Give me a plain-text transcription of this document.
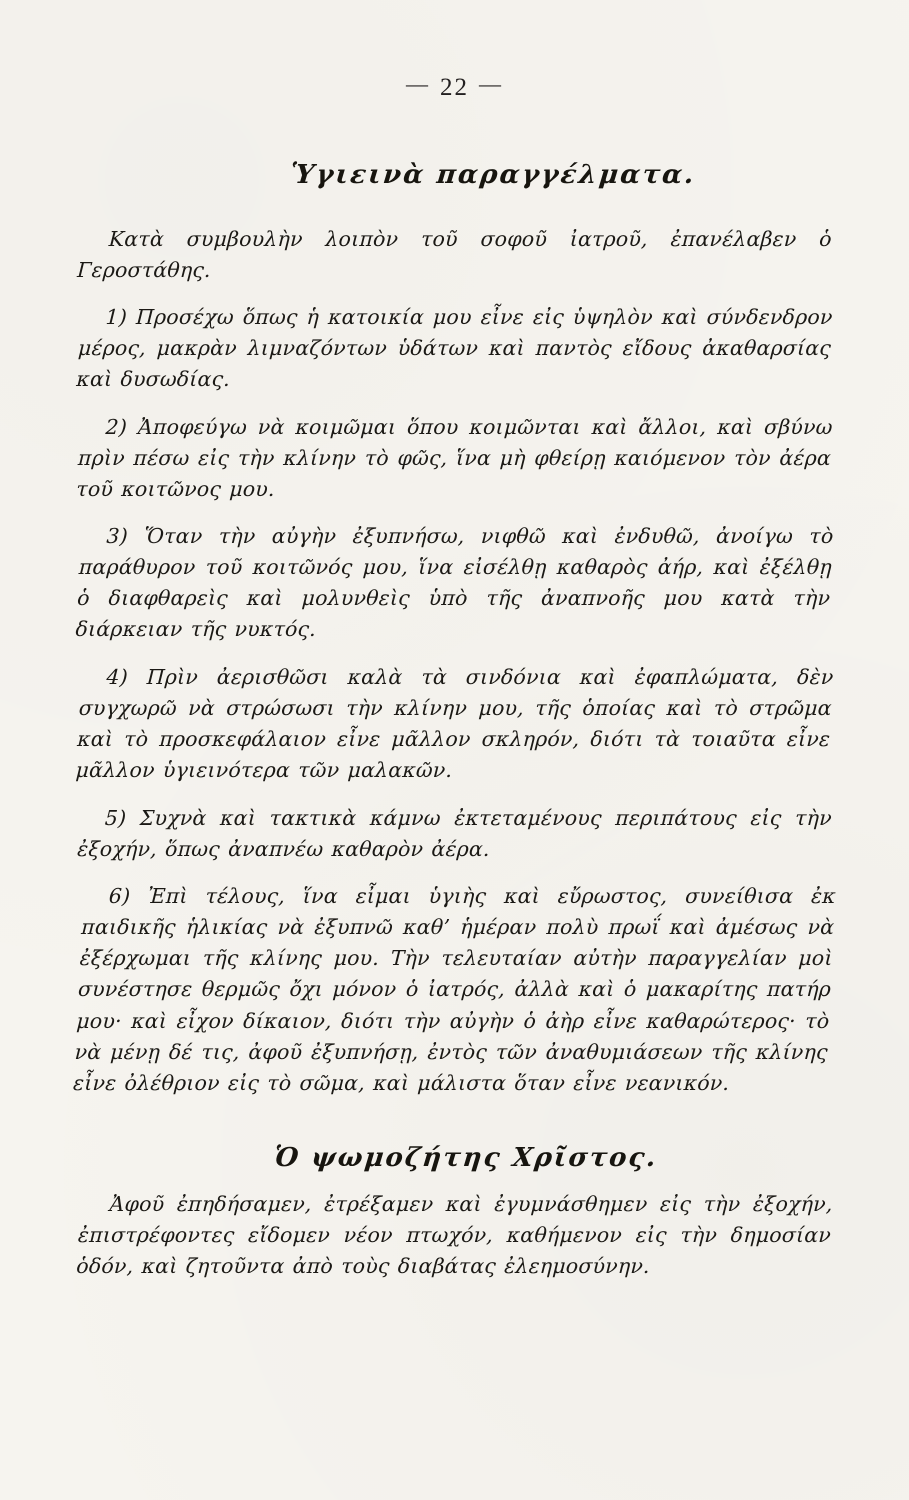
— 22 —
Ὑγιεινὰ παραγγέλματα.

Κατὰ συμβουλὴν λοιπὸν τοῦ σοφοῦ ἰατροῦ, ἐπανέλαβεν ὁ Γεροστάθης.

1) Προσέχω ὅπως ἡ κατοικία μου εἶνε εἰς ὑψηλὸν καὶ σύνδενδρον μέρος, μακρὰν λιμναζόντων ὑδάτων καὶ παντὸς εἴδους ἀκαθαρσίας καὶ δυσωδίας.

2) Ἀποφεύγω νὰ κοιμῶμαι ὅπου κοιμῶνται καὶ ἄλλοι, καὶ σβύνω πρὶν πέσω εἰς τὴν κλίνην τὸ φῶς, ἵνα μὴ φθείρῃ καιόμενον τὸν ἀέρα τοῦ κοιτῶνος μου.

3) Ὅταν τὴν αὐγὴν ἐξυπνήσω, νιφθῶ καὶ ἐνδυθῶ, ἀνοίγω τὸ παράθυρον τοῦ κοιτῶνός μου, ἵνα εἰσέλθῃ καθαρὸς ἀήρ, καὶ ἐξέλθῃ ὁ διαφθαρεὶς καὶ μολυνθεὶς ὑπὸ τῆς ἀναπνοῆς μου κατὰ τὴν διάρκειαν τῆς νυκτός.

4) Πρὶν ἀερισθῶσι καλὰ τὰ σινδόνια καὶ ἐφαπλώματα, δὲν συγχωρῶ νὰ στρώσωσι τὴν κλίνην μου, τῆς ὁποίας καὶ τὸ στρῶμα καὶ τὸ προσκεφάλαιον εἶνε μᾶλλον σκληρόν, διότι τὰ τοιαῦτα εἶνε μᾶλλον ὑγιεινότερα τῶν μαλακῶν.

5) Συχνὰ καὶ τακτικὰ κάμνω ἐκτεταμένους περιπάτους εἰς τὴν ἐξοχήν, ὅπως ἀναπνέω καθαρὸν ἀέρα.

6) Ἐπὶ τέλους, ἵνα εἶμαι ὑγιὴς καὶ εὔρωστος, συνείθισα ἐκ παιδικῆς ἡλικίας νὰ ἐξυπνῶ καθ’ ἡμέραν πολὺ πρωΐ καὶ ἀμέσως νὰ ἐξέρχωμαι τῆς κλίνης μου. Τὴν τελευταίαν αὐτὴν παραγγελίαν μοὶ συνέστησε θερμῶς ὄχι μόνον ὁ ἰατρός, ἀλλὰ καὶ ὁ μακαρίτης πατήρ μου· καὶ εἶχον δίκαιον, διότι τὴν αὐγὴν ὁ ἀὴρ εἶνε καθαρώτερος· τὸ νὰ μένῃ δέ τις, ἀφοῦ ἐξυπνήσῃ, ἐντὸς τῶν ἀναθυμιάσεων τῆς κλίνης εἶνε ὀλέθριον εἰς τὸ σῶμα, καὶ μάλιστα ὅταν εἶνε νεανικόν.

Ὁ ψωμοζήτης Χρῖστος.

Ἀφοῦ ἐπηδήσαμεν, ἐτρέξαμεν καὶ ἐγυμνάσθημεν εἰς τὴν ἐξοχήν, ἐπιστρέφοντες εἴδομεν νέον πτωχόν, καθήμενον εἰς τὴν δημοσίαν ὁδόν, καὶ ζητοῦντα ἀπὸ τοὺς διαβάτας ἐλεημοσύνην.
